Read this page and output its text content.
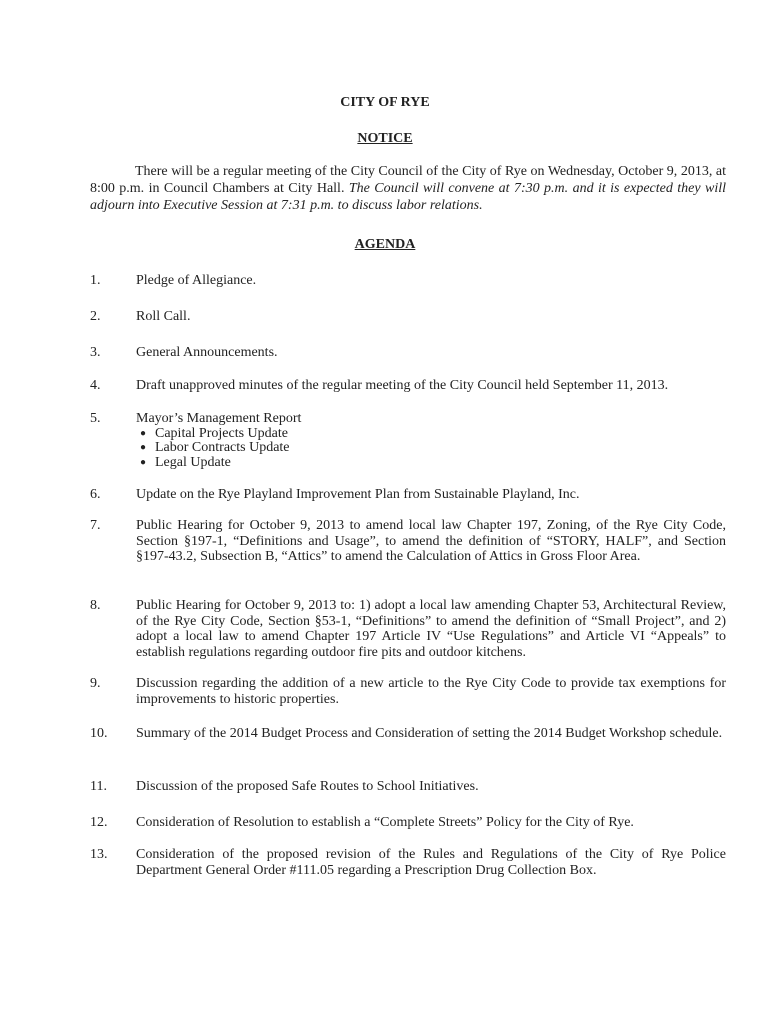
CITY OF RYE
NOTICE
There will be a regular meeting of the City Council of the City of Rye on Wednesday, October 9, 2013, at 8:00 p.m. in Council Chambers at City Hall. The Council will convene at 7:30 p.m. and it is expected they will adjourn into Executive Session at 7:31 p.m. to discuss labor relations.
AGENDA
1.	Pledge of Allegiance.
2.	Roll Call.
3.	General Announcements.
4.	Draft unapproved minutes of the regular meeting of the City Council held September 11, 2013.
5.	Mayor’s Management Report
● Capital Projects Update
● Labor Contracts Update
● Legal Update
6.	Update on the Rye Playland Improvement Plan from Sustainable Playland, Inc.
7.	Public Hearing for October 9, 2013 to amend local law Chapter 197, Zoning, of the Rye City Code, Section §197-1, “Definitions and Usage”, to amend the definition of “STORY, HALF”, and Section §197-43.2, Subsection B, “Attics” to amend the Calculation of Attics in Gross Floor Area.
8.	Public Hearing for October 9, 2013 to: 1) adopt a local law amending Chapter 53, Architectural Review, of the Rye City Code, Section §53-1, “Definitions” to amend the definition of “Small Project”, and 2) adopt a local law to amend Chapter 197 Article IV “Use Regulations” and Article VI “Appeals” to establish regulations regarding outdoor fire pits and outdoor kitchens.
9.	Discussion regarding the addition of a new article to the Rye City Code to provide tax exemptions for improvements to historic properties.
10.	Summary of the 2014 Budget Process and Consideration of setting the 2014 Budget Workshop schedule.
11.	Discussion of the proposed Safe Routes to School Initiatives.
12.	Consideration of Resolution to establish a “Complete Streets” Policy for the City of Rye.
13.	Consideration of the proposed revision of the Rules and Regulations of the City of Rye Police Department General Order #111.05 regarding a Prescription Drug Collection Box.
